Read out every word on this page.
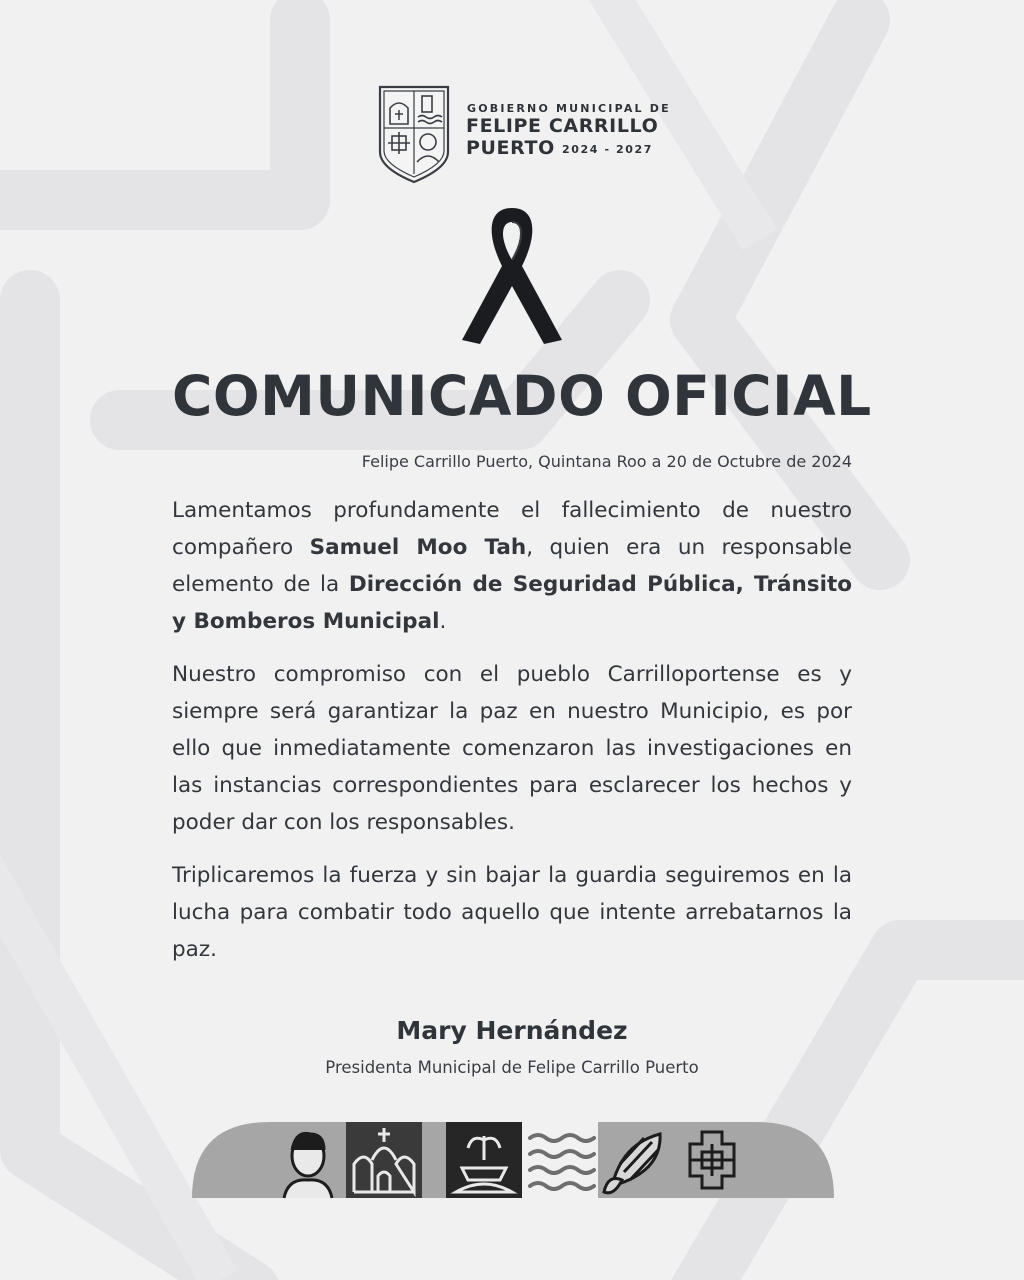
GOBIERNO MUNICIPAL DE
FELIPE CARRILLO
PUERTO 2024 - 2027
COMUNICADO OFICIAL
Felipe Carrillo Puerto, Quintana Roo a 20 de Octubre de 2024

Lamentamos profundamente el fallecimiento de nuestro compañero Samuel Moo Tah, quien era un responsable elemento de la Dirección de Seguridad Pública, Tránsito y Bomberos Municipal.

Nuestro compromiso con el pueblo Carrilloportense es y siempre será garantizar la paz en nuestro Municipio, es por ello que inmediatamente comenzaron las investigaciones en las instancias correspondientes para esclarecer los hechos y poder dar con los responsables.

Triplicaremos la fuerza y sin bajar la guardia seguiremos en la lucha para combatir todo aquello que intente arrebatarnos la paz.

Mary Hernández
Presidenta Municipal de Felipe Carrillo Puerto
